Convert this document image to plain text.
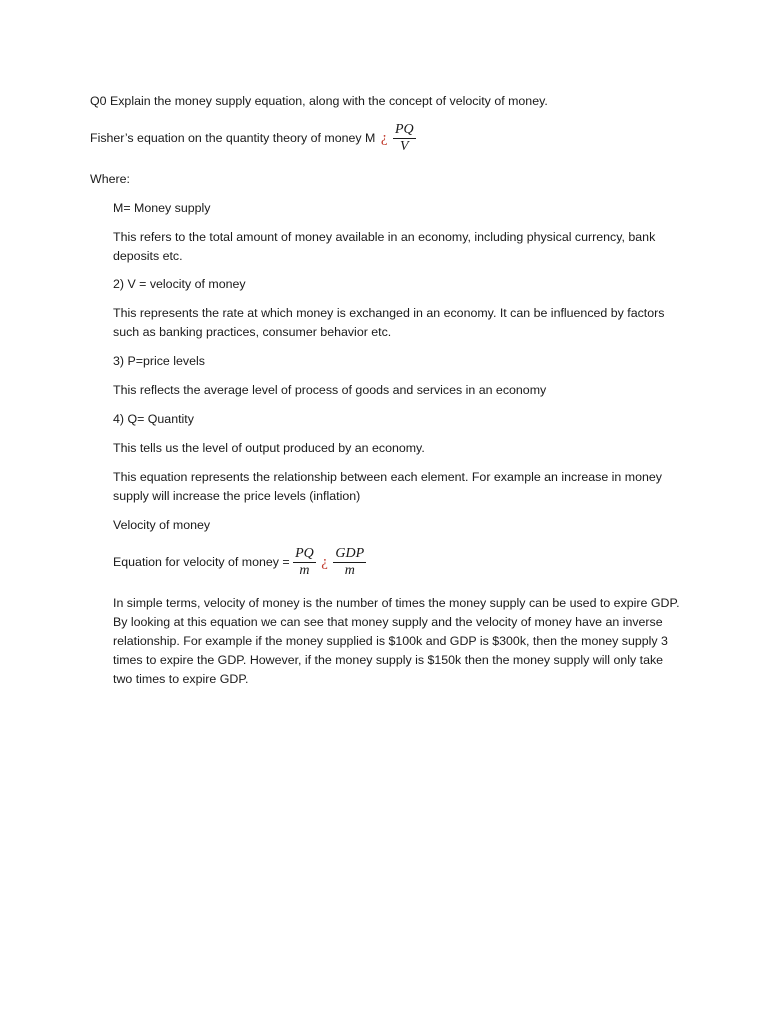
Q0 Explain the money supply equation, along with the concept of velocity of money.
Fisher’s equation on the quantity theory of money M ¿ $\frac{PQ}{V}$
Where:
M= Money supply
This refers to the total amount of money available in an economy, including physical currency, bank deposits etc.
2) V = velocity of money
This represents the rate at which money is exchanged in an economy. It can be influenced by factors such as banking practices, consumer behavior etc.
3) P=price levels
This reflects the average level of process of goods and services in an economy
4) Q= Quantity
This tells us the level of output produced by an economy.
This equation represents the relationship between each element. For example an increase in money supply will increase the price levels (inflation)
Velocity of money
Equation for velocity of money = $\frac{PQ}{m}$ ¿ $\frac{\text{GDP}}{m}$
In simple terms, velocity of money is the number of times the money supply can be used to expire GDP. By looking at this equation we can see that money supply and the velocity of money have an inverse relationship. For example if the money supplied is $100k and GDP is $300k, then the money supply 3 times to expire the GDP. However, if the money supply is $150k then the money supply will only take two times to expire GDP.
